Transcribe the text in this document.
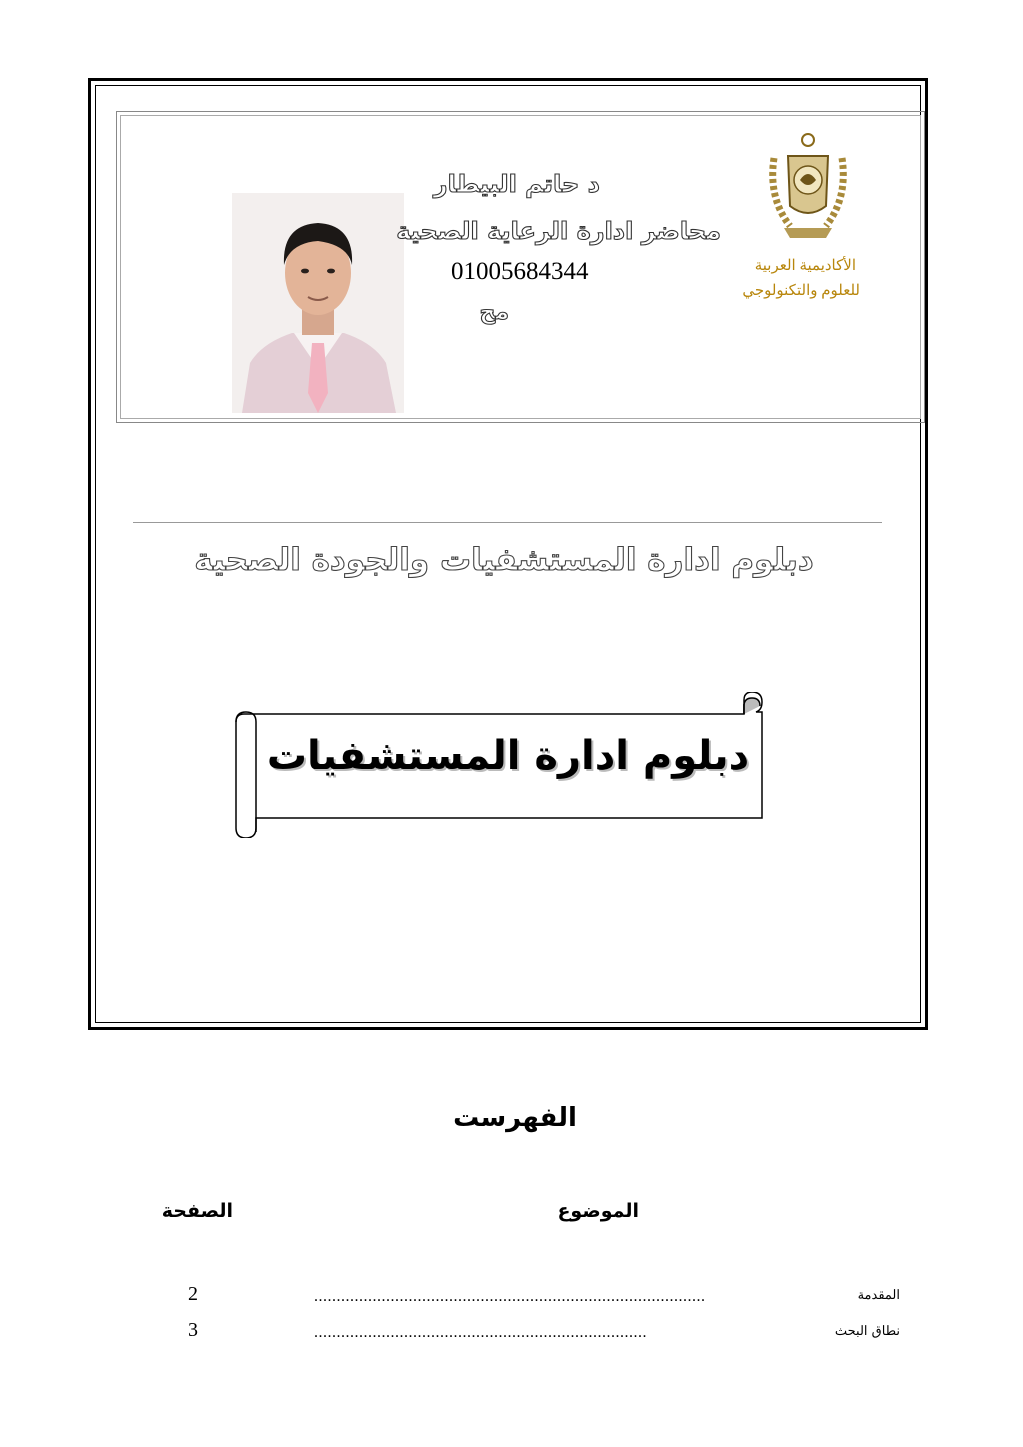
د حاتم البيطار
محاضر ادارة الرعاية الصحية
01005684344
مح
الأكاديمية العربية
للعلوم والتكنولوجي
دبلوم ادارة المستشفيات والجودة الصحية
دبلوم ادارة المستشفيات
الفهرست
الموضوع
الصفحة
المقدمة
.......................................................................................
2
نطاق البحث
..........................................................................
3
